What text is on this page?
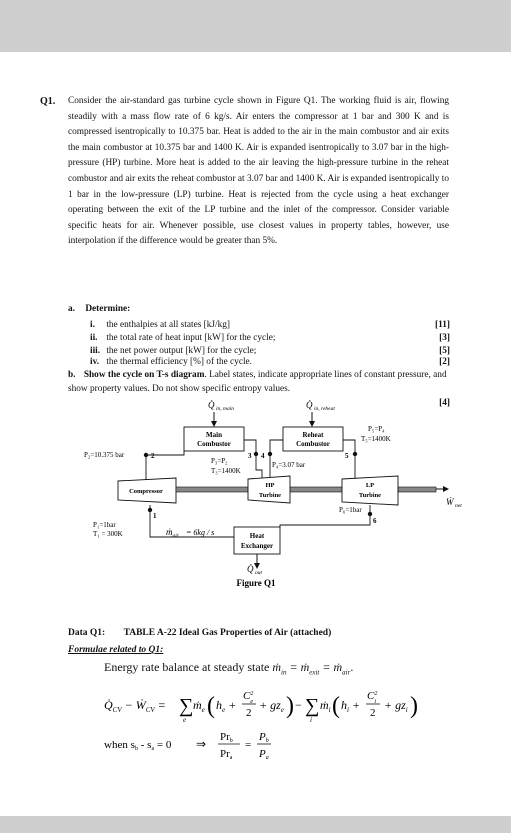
Q1. Consider the air-standard gas turbine cycle shown in Figure Q1. The working fluid is air, flowing steadily with a mass flow rate of 6 kg/s. Air enters the compressor at 1 bar and 300 K and is compressed isentropically to 10.375 bar. Heat is added to the air in the main combustor and air exits the main combustor at 10.375 bar and 1400 K. Air is expanded isentropically to 3.07 bar in the high-pressure (HP) turbine. More heat is added to the air leaving the high-pressure turbine in the reheat combustor and air exits the reheat combustor at 3.07 bar and 1400 K. Air is expanded isentropically to 1 bar in the low-pressure (LP) turbine. Heat is rejected from the cycle using a heat exchanger operating between the exit of the LP turbine and the inlet of the compressor. Consider variable specific heats for air. Whenever possible, use closest values in property tables, however, use interpolation if the difference would be greater than 5%.
a. Determine:
i. the enthalpies at all states [kJ/kg]	[11]
ii. the total rate of heat input [kW] for the cycle;	[3]
iii. the net power output [kW] for the cycle;	[5]
iv. the thermal efficiency [%] of the cycle.	[2]
b. Show the cycle on T-s diagram. Label states, indicate appropriate lines of constant pressure, and show property values. Do not show specific entropy values.
[4]
Q̇ in, main	Q̇ in, reheat
Main
Combustor
Reheat
Combustor
Compressor
HP
Turbine
LP
Turbine
Heat
Exchanger
Q̇ out
1
2	3 4	5
6
P₂=10.375 bar
P₃=P₂
T₃=1400K
P₄=3.07 bar
P₅=P₄
T₅=1400K
P₆=1bar
P₁=1bar
T₁ = 300K	ṁ$_{air}$ = 6kg / s
Ẇ net
Figure Q1
Data Q1: TABLE A-22 Ideal Gas Properties of Air (attached)
Formulae related to Q1:
Energy rate balance at steady state ṁ$_{in}$ = ṁ$_{exit}$ = ṁ$_{air}$.
$Q̇_{CV}$ − Ẇ$_{CV}$ = ∑
e
ṁ$_e$ ( $h_e$ +
$C^2$ e
2
+ $gz_e$ ) − ∑
i
ṁ$_i$ ( $h_i$ +
$C^2$ i
2
+ $gz_i$ )
when s b - sa = 0 ⇒ Prb
Pra
=
Pb
Pa
